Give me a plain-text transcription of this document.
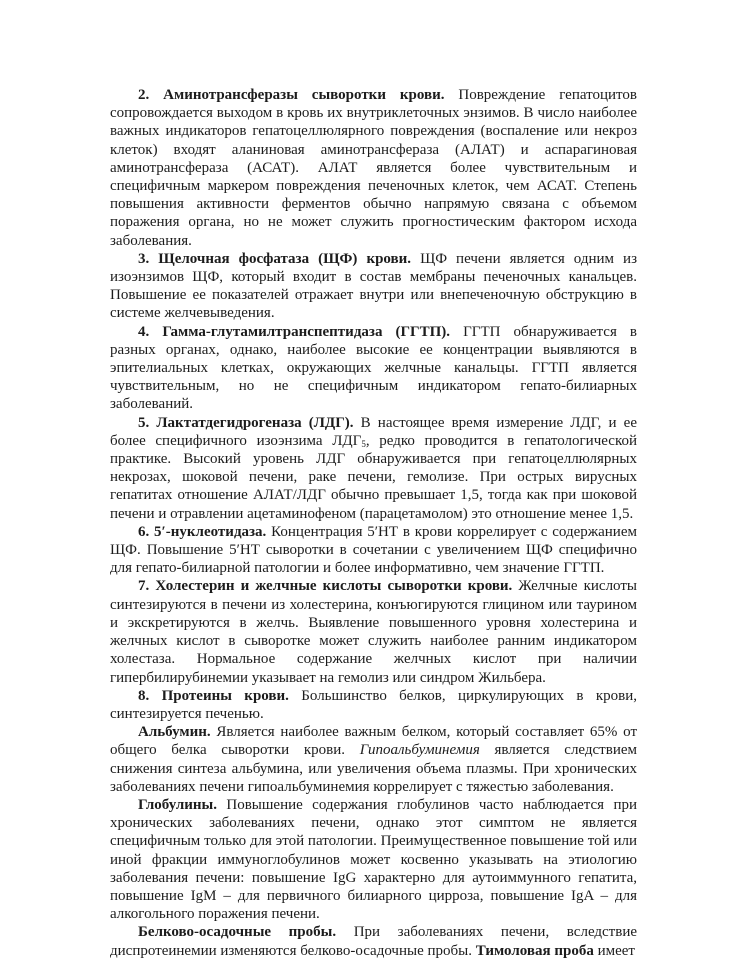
2. Аминотрансферазы сыворотки крови. Повреждение гепатоцитов сопровождается выходом в кровь их внутриклеточных энзимов. В число наиболее важных индикаторов гепатоцеллюлярного повреждения (воспаление или некроз клеток) входят аланиновая аминотрансфераза (АЛАТ) и аспарагиновая аминотрансфераза (АСАТ). АЛАТ является более чувствительным и специфичным маркером повреждения печеночных клеток, чем АСАТ. Степень повышения активности ферментов обычно напрямую связана с объемом поражения органа, но не может служить прогностическим фактором исхода заболевания.

3. Щелочная фосфатаза (ЩФ) крови. ЩФ печени является одним из изоэнзимов ЩФ, который входит в состав мембраны печеночных канальцев. Повышение ее показателей отражает внутри или внепеченочную обструкцию в системе желчевыведения.

4. Гамма-глутамилтранспептидаза (ГГТП). ГГТП обнаруживается в разных органах, однако, наиболее высокие ее концентрации выявляются в эпителиальных клетках, окружающих желчные канальцы. ГГТП является чувствительным, но не специфичным индикатором гепато-билиарных заболеваний.

5. Лактатдегидрогеназа (ЛДГ). В настоящее время измерение ЛДГ, и ее более специфичного изоэнзима $ЛДГ_5$, редко проводится в гепатологической практике. Высокий уровень ЛДГ обнаруживается при гепатоцеллюлярных некрозах, шоковой печени, раке печени, гемолизе. При острых вирусных гепатитах отношение АЛАТ/ЛДГ обычно превышает 1,5, тогда как при шоковой печени и отравлении ацетаминофеном (парацетамолом) это отношение менее 1,5.

6. 5′-нуклеотидаза. Концентрация 5′НТ в крови коррелирует с содержанием ЩФ. Повышение 5′НТ сыворотки в сочетании с увеличением ЩФ специфично для гепато-билиарной патологии и более информативно, чем значение ГГТП.

7. Холестерин и желчные кислоты сыворотки крови. Желчные кислоты синтезируются в печени из холестерина, конъюгируются глицином или таурином и экскретируются в желчь. Выявление повышенного уровня холестерина и желчных кислот в сыворотке может служить наиболее ранним индикатором холестаза. Нормальное содержание желчных кислот при наличии гипербилирубинемии указывает на гемолиз или синдром Жильбера.

8. Протеины крови. Большинство белков, циркулирующих в крови, синтезируется печенью.

Альбумин. Является наиболее важным белком, который составляет 65% от общего белка сыворотки крови. Гипоальбуминемия является следствием снижения синтеза альбумина, или увеличения объема плазмы. При хронических заболеваниях печени гипоальбуминемия коррелирует с тяжестью заболевания.

Глобулины. Повышение содержания глобулинов часто наблюдается при хронических заболеваниях печени, однако этот симптом не является специфичным только для этой патологии. Преимущественное повышение той или иной фракции иммуноглобулинов может косвенно указывать на этиологию заболевания печени: повышение IgG характерно для аутоиммунного гепатита, повышение IgM – для первичного билиарного цирроза, повышение IgA – для алкогольного поражения печени.

Белково-осадочные пробы. При заболеваниях печени, вследствие диспротеинемии изменяются белково-осадочные пробы. Тимоловая проба имеет
